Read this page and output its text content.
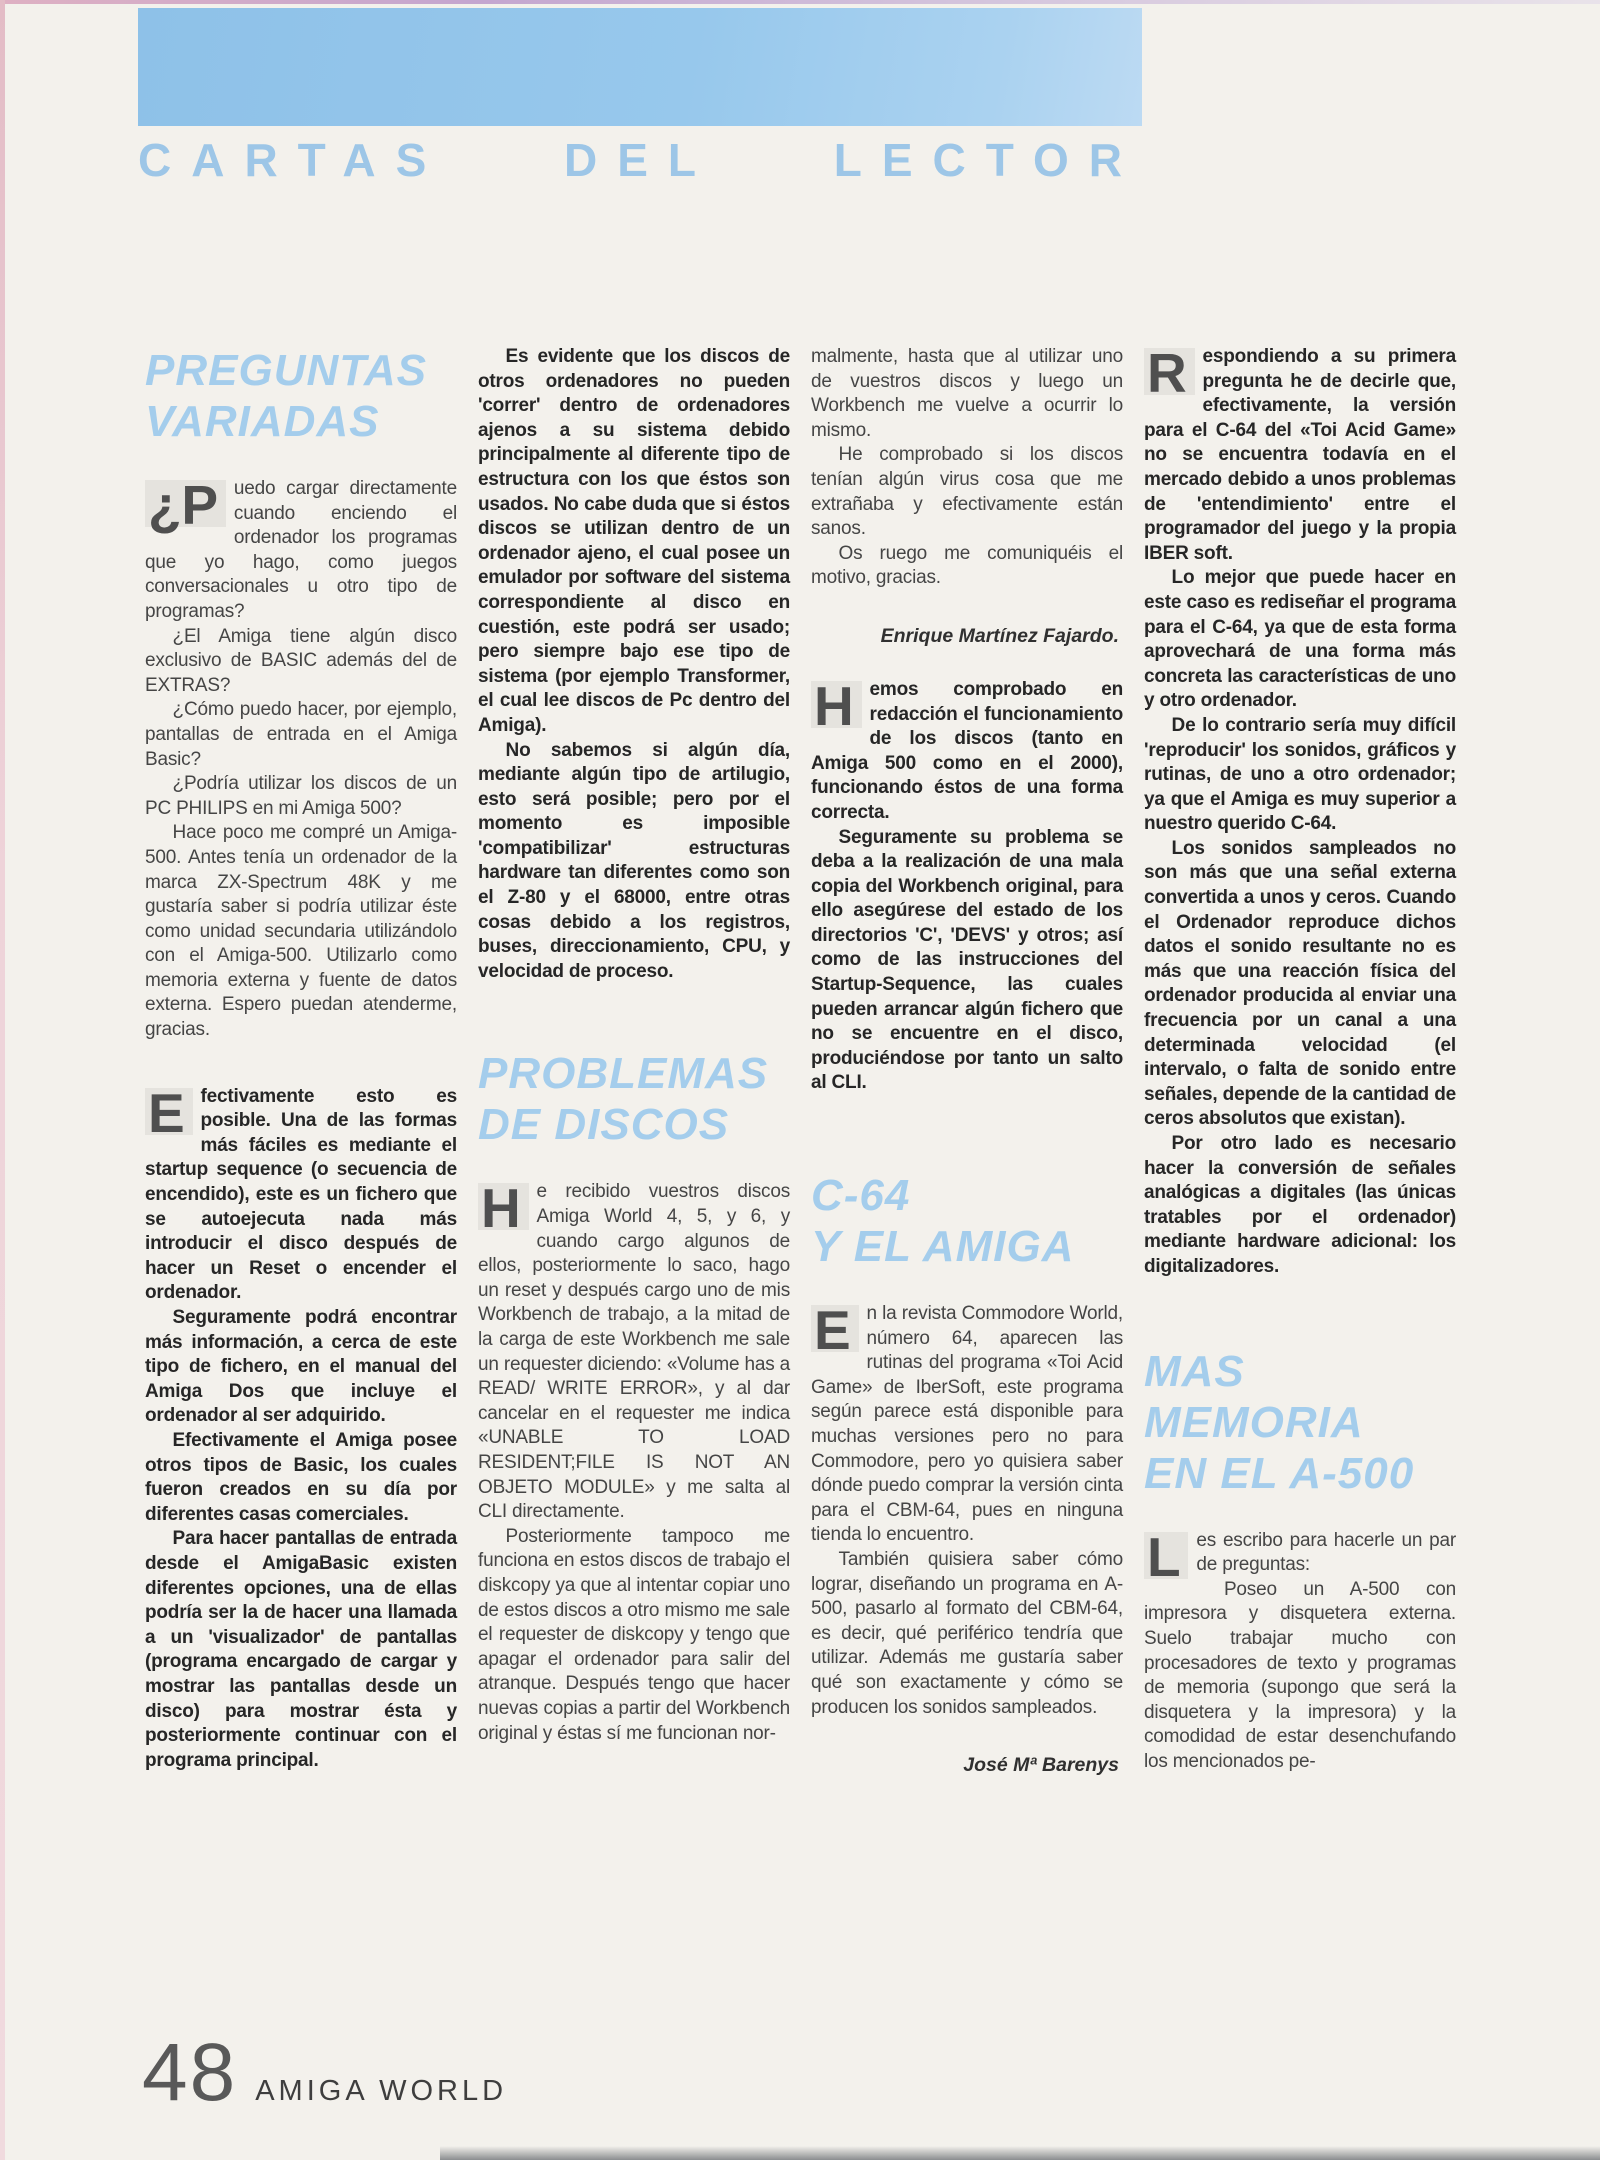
CARTAS	DEL	LECTOR
PREGUNTAS
VARIADAS

¿P uedo cargar directamente cuando enciendo el ordenador los programas que yo hago, como juegos conversacionales u otro tipo de programas?

¿El Amiga tiene algún disco exclusivo de BASIC además del de EXTRAS?

¿Cómo puedo hacer, por ejemplo, pantallas de entrada en el Amiga Basic?

¿Podría utilizar los discos de un PC PHILIPS en mi Amiga 500?

Hace poco me compré un Amiga-500. Antes tenía un ordenador de la marca ZX-Spectrum 48K y me gustaría saber si podría utilizar éste como unidad secundaria utilizándolo con el Amiga-500. Utilizarlo como memoria externa y fuente de datos externa. Espero puedan atenderme, gracias.

E fectivamente esto es posible. Una de las formas más fáciles es mediante el startup sequence (o secuencia de encendido), este es un fichero que se autoejecuta nada más introducir el disco después de hacer un Reset o encender el ordenador.

Seguramente podrá encontrar más información, a cerca de este tipo de fichero, en el manual del Amiga Dos que incluye el ordenador al ser adquirido.

Efectivamente el Amiga posee otros tipos de Basic, los cuales fueron creados en su día por diferentes casas comerciales.

Para hacer pantallas de entrada desde el AmigaBasic existen diferentes opciones, una de ellas podría ser la de hacer una llamada a un 'visualizador' de pantallas (programa encargado de cargar y mostrar las pantallas desde un disco) para mostrar ésta y posteriormente continuar con el programa principal.

Es evidente que los discos de otros ordenadores no pueden 'correr' dentro de ordenadores ajenos a su sistema debido principalmente al diferente tipo de estructura con los que éstos son usados. No cabe duda que si éstos discos se utilizan dentro de un ordenador ajeno, el cual posee un emulador por software del sistema correspondiente al disco en cuestión, este podrá ser usado; pero siempre bajo ese tipo de sistema (por ejemplo Transformer, el cual lee discos de Pc dentro del Amiga).

No sabemos si algún día, mediante algún tipo de artilugio, esto será posible; pero por el momento es imposible 'compatibilizar' estructuras hardware tan diferentes como son el Z-80 y el 68000, entre otras cosas debido a los registros, buses, direccionamiento, CPU, y velocidad de proceso.

PROBLEMAS
DE DISCOS

H e recibido vuestros discos Amiga World 4, 5, y 6, y cuando cargo algunos de ellos, posteriormente lo saco, hago un reset y después cargo uno de mis Workbench de trabajo, a la mitad de la carga de este Workbench me sale un requester diciendo: «Volume has a READ/ WRITE ERROR», y al dar cancelar en el requester me indica «UNABLE TO LOAD RESIDENT;FILE IS NOT AN OBJETO MODULE» y me salta al CLI directamente.

Posteriormente tampoco me funciona en estos discos de trabajo el diskcopy ya que al intentar copiar uno de estos discos a otro mismo me sale el requester de diskcopy y tengo que apagar el ordenador para salir del atranque. Después tengo que hacer nuevas copias a partir del Workbench original y éstas sí me funcionan nor-

malmente, hasta que al utilizar uno de vuestros discos y luego un Workbench me vuelve a ocurrir lo mismo.

He comprobado si los discos tenían algún virus cosa que me extrañaba y efectivamente están sanos.

Os ruego me comuniquéis el motivo, gracias.

Enrique Martínez Fajardo.

H emos comprobado en redacción el funcionamiento de los discos (tanto en Amiga 500 como en el 2000), funcionando éstos de una forma correcta.

Seguramente su problema se deba a la realización de una mala copia del Workbench original, para ello asegúrese del estado de los directorios 'C', 'DEVS' y otros; así como de las instrucciones del Startup-Sequence, las cuales pueden arrancar algún fichero que no se encuentre en el disco, produciéndose por tanto un salto al CLI.

C-64
Y EL AMIGA

E n la revista Commodore World, número 64, aparecen las rutinas del programa «Toi Acid Game» de IberSoft, este programa según parece está disponible para muchas versiones pero no para Commodore, pero yo quisiera saber dónde puedo comprar la versión cinta para el CBM-64, pues en ninguna tienda lo encuentro.

También quisiera saber cómo lograr, diseñando un programa en A-500, pasarlo al formato del CBM-64, es decir, qué periférico tendría que utilizar. Además me gustaría saber qué son exactamente y cómo se producen los sonidos sampleados.

José Mª Barenys

R espondiendo a su primera pregunta he de decirle que, efectivamente, la versión para el C-64 del «Toi Acid Game» no se encuentra todavía en el mercado debido a unos problemas de 'entendimiento' entre el programador del juego y la propia IBER soft.

Lo mejor que puede hacer en este caso es rediseñar el programa para el C-64, ya que de esta forma aprovechará de una forma más concreta las características de uno y otro ordenador.

De lo contrario sería muy difícil 'reproducir' los sonidos, gráficos y rutinas, de uno a otro ordenador; ya que el Amiga es muy superior a nuestro querido C-64.

Los sonidos sampleados no son más que una señal externa convertida a unos y ceros. Cuando el Ordenador reproduce dichos datos el sonido resultante no es más que una reacción física del ordenador producida al enviar una frecuencia por un canal a una determinada velocidad (el intervalo, o falta de sonido entre señales, depende de la cantidad de ceros absolutos que existan).

Por otro lado es necesario hacer la conversión de señales analógicas a digitales (las únicas tratables por el ordenador) mediante hardware adicional: los digitalizadores.

MAS MEMORIA
EN EL A-500

L es escribo para hacerle un par de preguntas:

Poseo un A-500 con impresora y disquetera externa. Suelo trabajar mucho con procesadores de texto y programas de memoria (supongo que será la disquetera y la impresora) y la comodidad de estar desenchufando los mencionados pe-

48 AMIGA WORLD
